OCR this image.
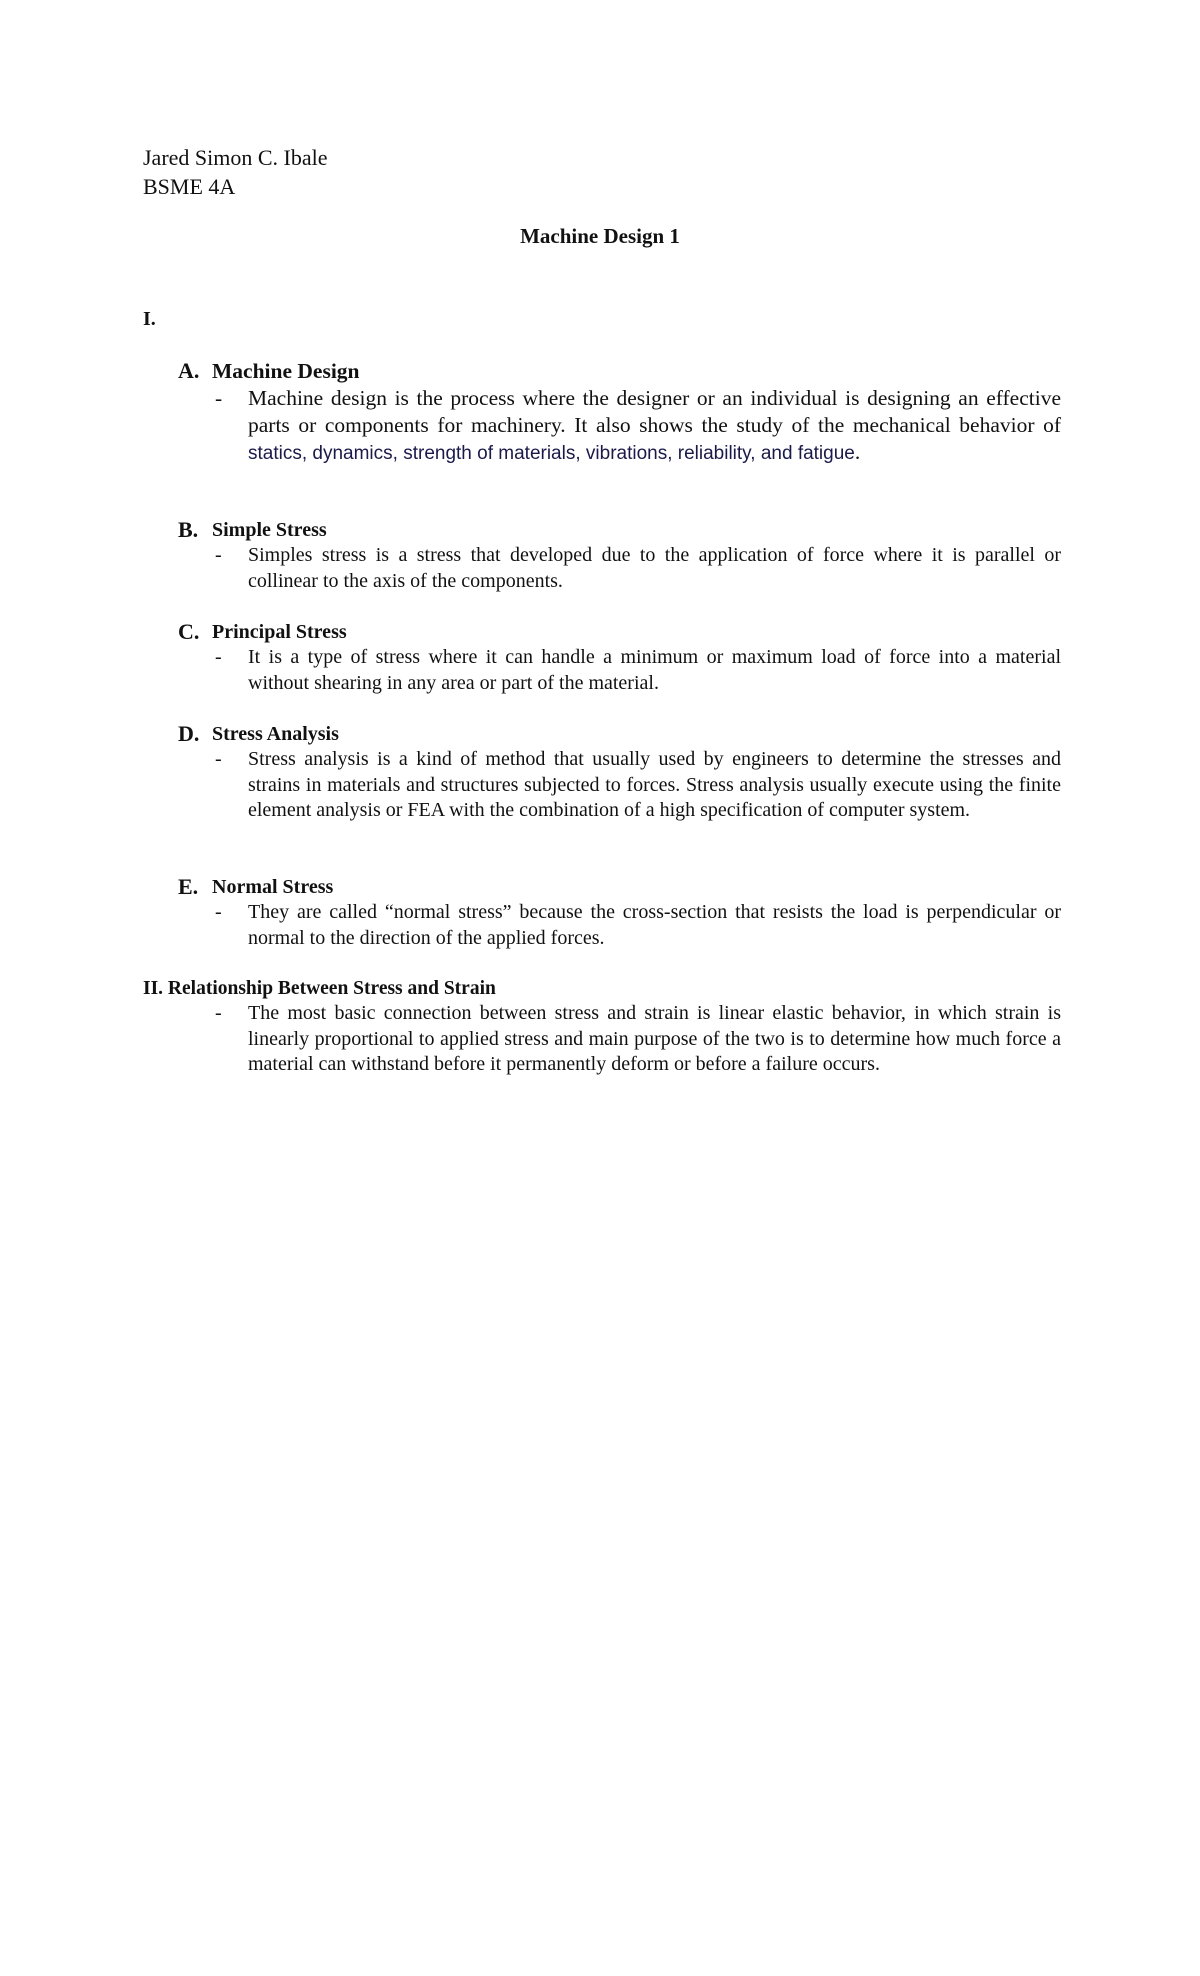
Jared Simon C. Ibale
BSME 4A
Machine Design 1
I.
A. Machine Design
- Machine design is the process where the designer or an individual is designing an effective parts or components for machinery. It also shows the study of the mechanical behavior of statics, dynamics, strength of materials, vibrations, reliability, and fatigue.
B. Simple Stress
- Simples stress is a stress that developed due to the application of force where it is parallel or collinear to the axis of the components.
C. Principal Stress
- It is a type of stress where it can handle a minimum or maximum load of force into a material without shearing in any area or part of the material.
D. Stress Analysis
- Stress analysis is a kind of method that usually used by engineers to determine the stresses and strains in materials and structures subjected to forces. Stress analysis usually execute using the finite element analysis or FEA with the combination of a high specification of computer system.
E. Normal Stress
- They are called “normal stress” because the cross-section that resists the load is perpendicular or normal to the direction of the applied forces.
II. Relationship Between Stress and Strain
- The most basic connection between stress and strain is linear elastic behavior, in which strain is linearly proportional to applied stress and main purpose of the two is to determine how much force a material can withstand before it permanently deform or before a failure occurs.
